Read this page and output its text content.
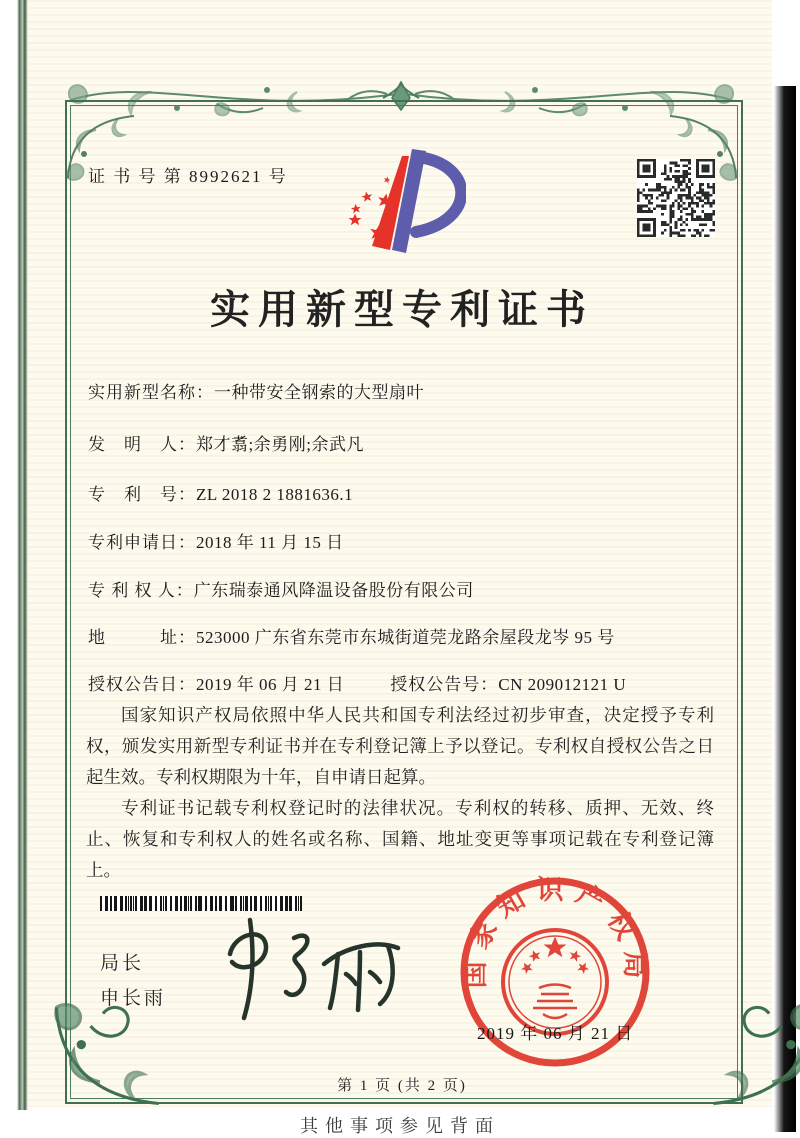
证 书 号 第 8992621 号
实用新型专利证书
实用新型名称：一种带安全钢索的大型扇叶
发　明　人：郑才翥;余勇刚;余武凡
专　利　号：ZL 2018 2 1881636.1
专利申请日：2018 年 11 月 15 日
专 利 权 人：广东瑞泰通风降温设备股份有限公司
地　　　址：523000 广东省东莞市东城街道莞龙路余屋段龙岑 95 号
授权公告日：2019 年 06 月 21 日	授权公告号：CN 209012121 U

国家知识产权局依照中华人民共和国专利法经过初步审查，决定授予专利权，颁发实用新型专利证书并在专利登记簿上予以登记。专利权自授权公告之日起生效。专利权期限为十年，自申请日起算。

专利证书记载专利权登记时的法律状况。专利权的转移、质押、无效、终止、恢复和专利权人的姓名或名称、国籍、地址变更等事项记载在专利登记簿上。

局长
申长雨
国家知识产权局
2019 年 06 月 21 日
第 1 页 (共 2 页)
其他事项参见背面
